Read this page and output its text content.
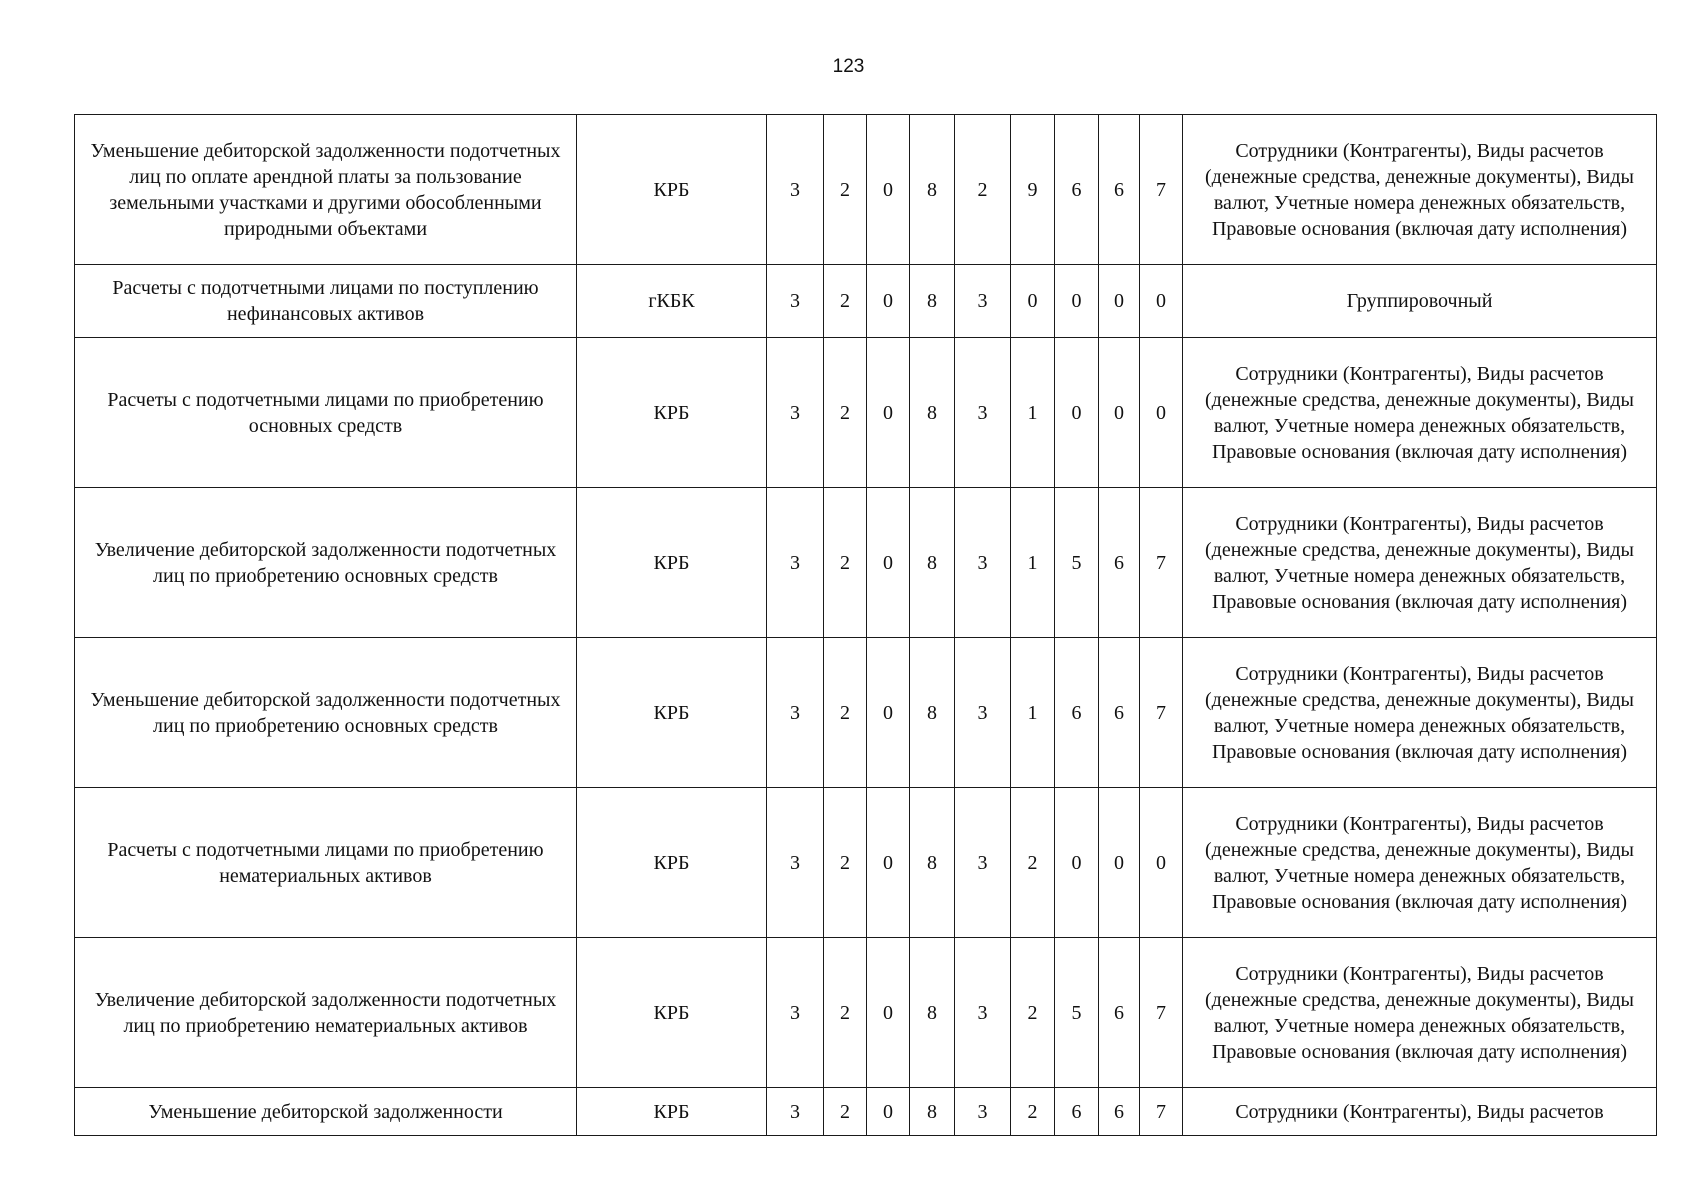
123
Уменьшение дебиторской задолженности подотчетных лиц по оплате арендной платы за пользование земельными участками и другими обособленными природными объектами	КРБ	3	2	0	8	2	9	6	6	7	Сотрудники (Контрагенты), Виды расчетов (денежные средства, денежные документы), Виды валют, Учетные номера денежных обязательств, Правовые основания (включая дату исполнения)
Расчеты с подотчетными лицами по поступлению нефинансовых активов	гКБК	3	2	0	8	3	0	0	0	0	Группировочный
Расчеты с подотчетными лицами по приобретению основных средств	КРБ	3	2	0	8	3	1	0	0	0	Сотрудники (Контрагенты), Виды расчетов (денежные средства, денежные документы), Виды валют, Учетные номера денежных обязательств, Правовые основания (включая дату исполнения)
Увеличение дебиторской задолженности подотчетных лиц по приобретению основных средств	КРБ	3	2	0	8	3	1	5	6	7	Сотрудники (Контрагенты), Виды расчетов (денежные средства, денежные документы), Виды валют, Учетные номера денежных обязательств, Правовые основания (включая дату исполнения)
Уменьшение дебиторской задолженности подотчетных лиц по приобретению основных средств	КРБ	3	2	0	8	3	1	6	6	7	Сотрудники (Контрагенты), Виды расчетов (денежные средства, денежные документы), Виды валют, Учетные номера денежных обязательств, Правовые основания (включая дату исполнения)
Расчеты с подотчетными лицами по приобретению нематериальных активов	КРБ	3	2	0	8	3	2	0	0	0	Сотрудники (Контрагенты), Виды расчетов (денежные средства, денежные документы), Виды валют, Учетные номера денежных обязательств, Правовые основания (включая дату исполнения)
Увеличение дебиторской задолженности подотчетных лиц по приобретению нематериальных активов	КРБ	3	2	0	8	3	2	5	6	7	Сотрудники (Контрагенты), Виды расчетов (денежные средства, денежные документы), Виды валют, Учетные номера денежных обязательств, Правовые основания (включая дату исполнения)
Уменьшение дебиторской задолженности	КРБ	3	2	0	8	3	2	6	6	7	Сотрудники (Контрагенты), Виды расчетов
